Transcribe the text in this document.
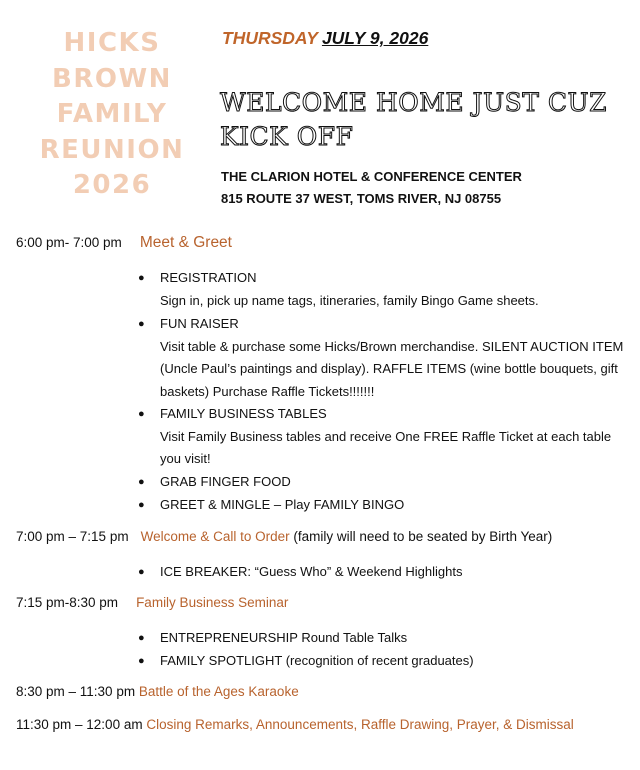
HICKS
BROWN
FAMILY
REUNION
2026
THURSDAY JULY 9, 2026
WELCOME HOME JUST CUZ
KICK OFF
THE CLARION HOTEL & CONFERENCE CENTER
815 ROUTE 37 WEST, TOMS RIVER, NJ 08755
6:00 pm- 7:00 pm Meet & Greet
● REGISTRATION
Sign in, pick up name tags, itineraries, family Bingo Game sheets.
● FUN RAISER
Visit table & purchase some Hicks/Brown merchandise. SILENT AUCTION ITEM (Uncle Paul’s paintings and display). RAFFLE ITEMS (wine bottle bouquets, gift baskets) Purchase Raffle Tickets!!!!!!!
● FAMILY BUSINESS TABLES
Visit Family Business tables and receive One FREE Raffle Ticket at each table you visit!
● GRAB FINGER FOOD
● GREET & MINGLE – Play FAMILY BINGO
7:00 pm – 7:15 pm Welcome & Call to Order (family will need to be seated by Birth Year)
● ICE BREAKER: “Guess Who” & Weekend Highlights
7:15 pm-8:30 pm Family Business Seminar
● ENTREPRENEURSHIP Round Table Talks
● FAMILY SPOTLIGHT (recognition of recent graduates)
8:30 pm – 11:30 pm Battle of the Ages Karaoke
11:30 pm – 12:00 am Closing Remarks, Announcements, Raffle Drawing, Prayer, & Dismissal
